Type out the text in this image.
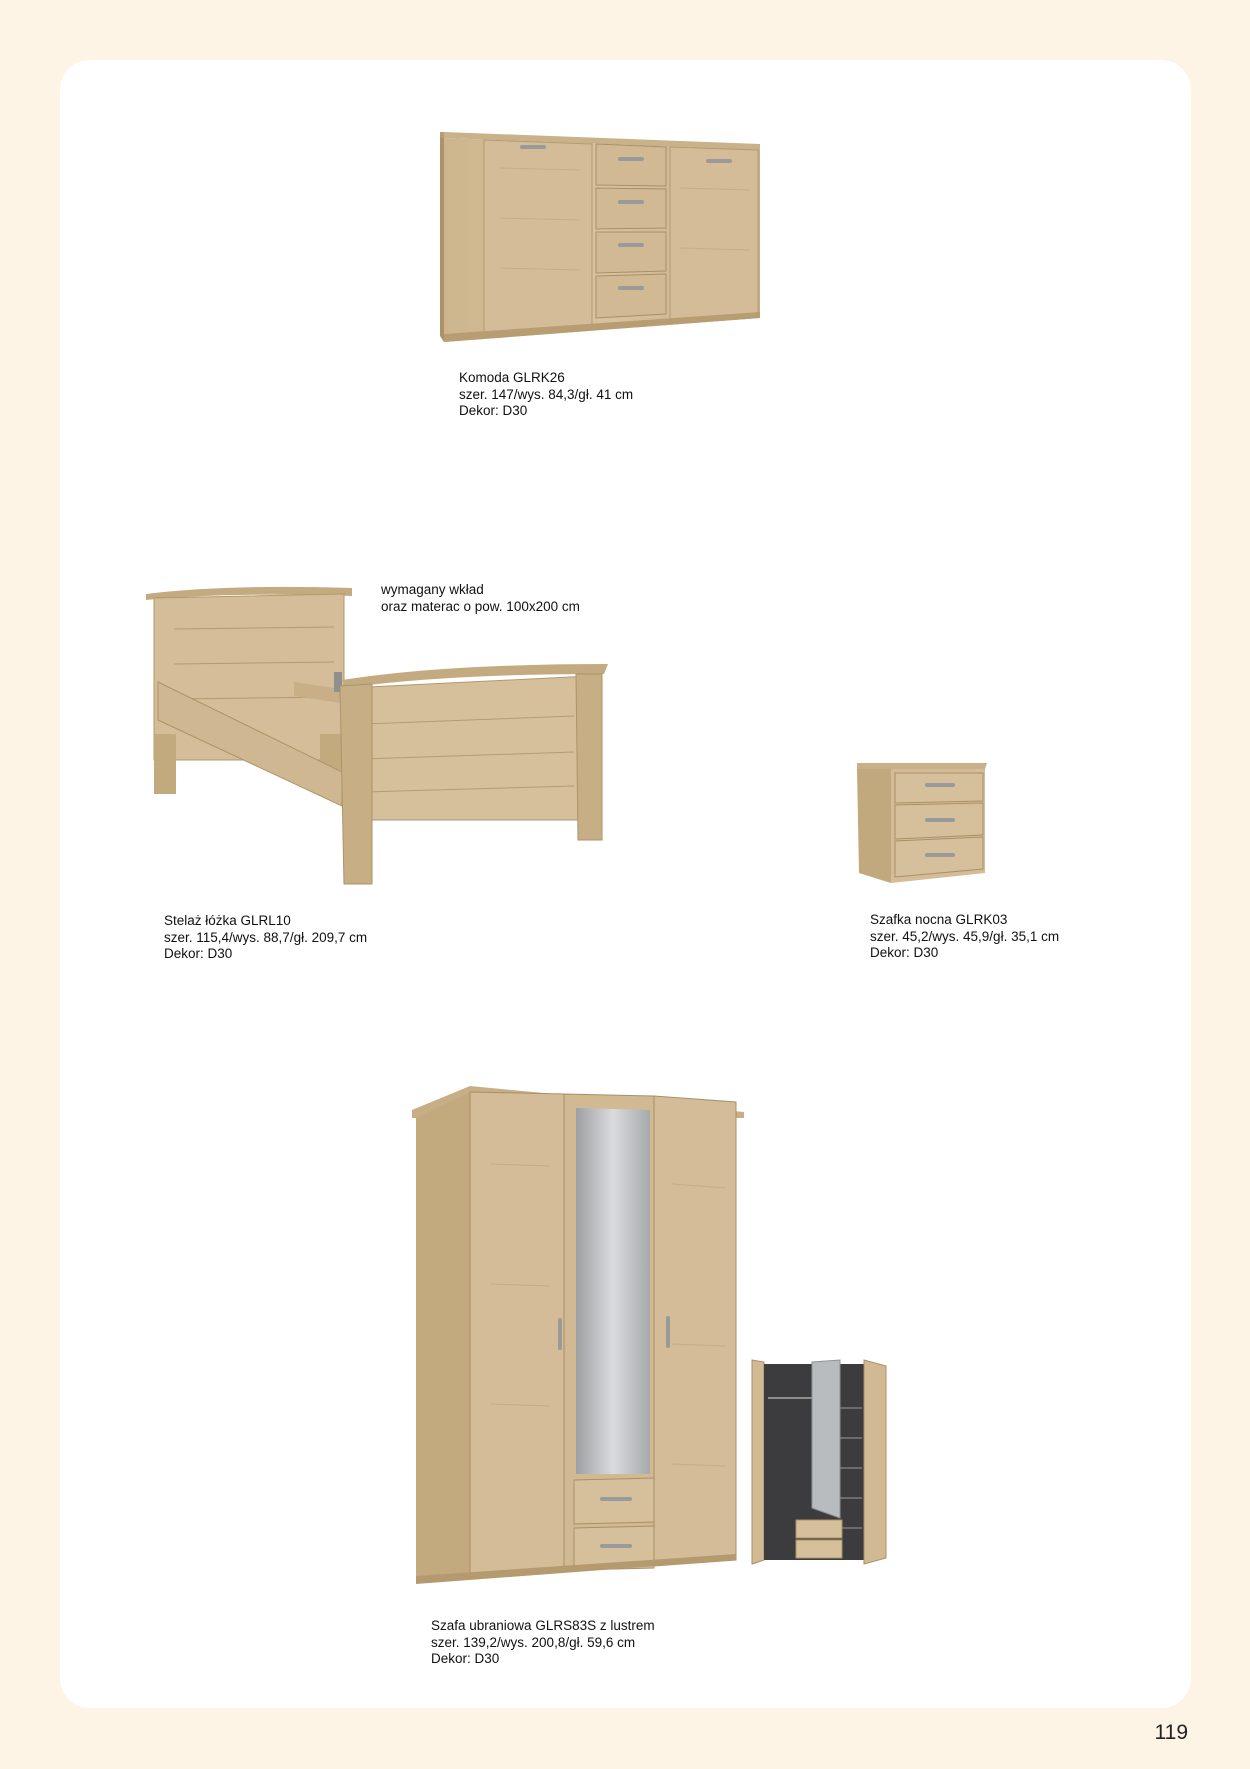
Komoda GLRK26
szer. 147/wys. 84,3/gł. 41 cm
Dekor: D30
wymagany wkład
oraz materac o pow. 100x200 cm
Stelaż łóżka GLRL10
szer. 115,4/wys. 88,7/gł. 209,7 cm
Dekor: D30
Szafka nocna GLRK03
szer. 45,2/wys. 45,9/gł. 35,1 cm
Dekor: D30
Szafa ubraniowa GLRS83S z lustrem
szer. 139,2/wys. 200,8/gł. 59,6 cm
Dekor: D30
119
